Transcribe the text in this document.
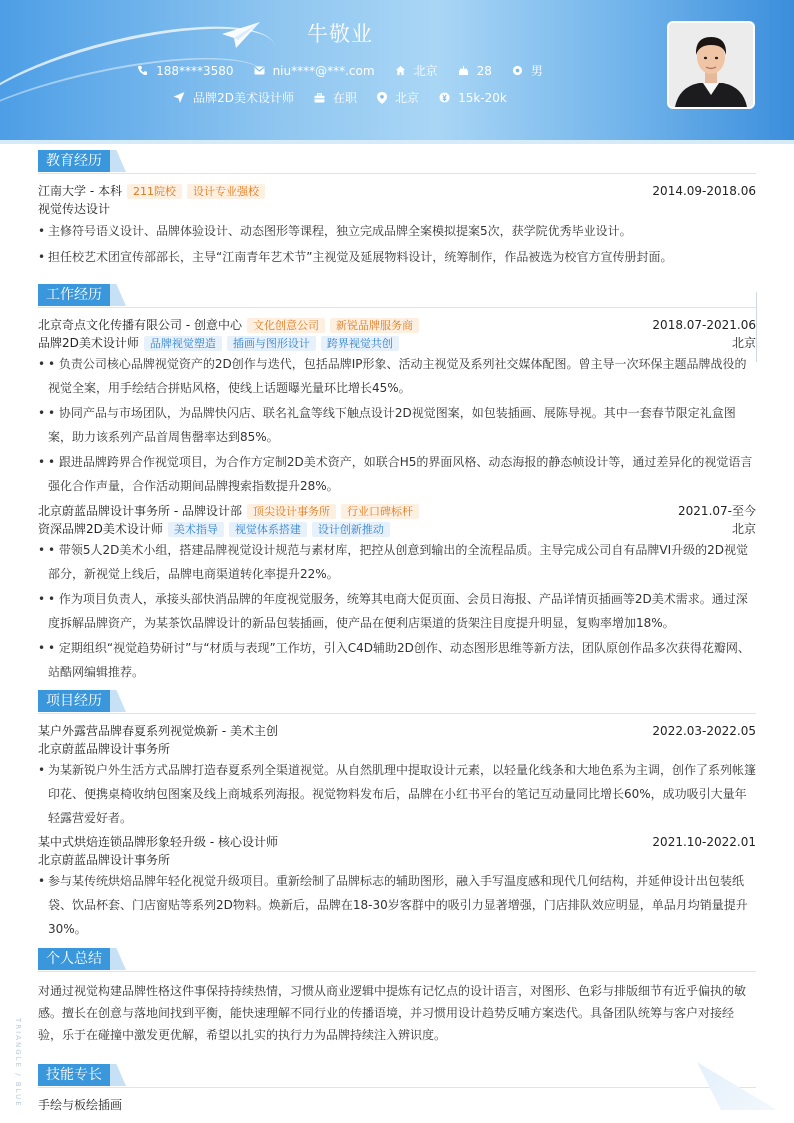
牛敬业
188****3580	niu****@***.com	北京	28	男
品牌2D美术设计师	在职	北京	15k-20k
教育经历
江南大学 - 本科	211院校	设计专业强校	2014.09-2018.06
视觉传达设计
• 主修符号语义设计、品牌体验设计、动态图形等课程，独立完成品牌全案模拟提案5次，获学院优秀毕业设计。
• 担任校艺术团宣传部部长，主导“江南青年艺术节”主视觉及延展物料设计，统筹制作，作品被选为校官方宣传册封面。
工作经历
北京奇点文化传播有限公司 - 创意中心	文化创意公司	新锐品牌服务商	2018.07-2021.06
品牌2D美术设计师	品牌视觉塑造	插画与图形设计	跨界视觉共创	北京
• • 负责公司核心品牌视觉资产的2D创作与迭代，包括品牌IP形象、活动主视觉及系列社交媒体配图。曾主导一次环保主题品牌战役的视觉全案，用手绘结合拼贴风格，使线上话题曝光量环比增长45%。
• • 协同产品与市场团队，为品牌快闪店、联名礼盒等线下触点设计2D视觉图案，如包装插画、展陈导视。其中一套春节限定礼盒图案，助力该系列产品首周售罄率达到85%。
• • 跟进品牌跨界合作视觉项目，为合作方定制2D美术资产，如联合H5的界面风格、动态海报的静态帧设计等，通过差异化的视觉语言强化合作声量，合作活动期间品牌搜索指数提升28%。
北京蔚蓝品牌设计事务所 - 品牌设计部	顶尖设计事务所	行业口碑标杆	2021.07-至今
资深品牌2D美术设计师	美术指导	视觉体系搭建	设计创新推动	北京
• • 带领5人2D美术小组，搭建品牌视觉设计规范与素材库，把控从创意到输出的全流程品质。主导完成公司自有品牌VI升级的2D视觉部分，新视觉上线后，品牌电商渠道转化率提升22%。
• • 作为项目负责人，承接头部快消品牌的年度视觉服务，统筹其电商大促页面、会员日海报、产品详情页插画等2D美术需求。通过深度拆解品牌资产，为某茶饮品牌设计的新品包装插画，使产品在便利店渠道的货架注目度提升明显，复购率增加18%。
• • 定期组织“视觉趋势研讨”与“材质与表现”工作坊，引入C4D辅助2D创作、动态图形思维等新方法，团队原创作品多次获得花瓣网、站酷网编辑推荐。
项目经历
某户外露营品牌春夏系列视觉焕新 - 美术主创	2022.03-2022.05
北京蔚蓝品牌设计事务所
• 为某新锐户外生活方式品牌打造春夏系列全渠道视觉。从自然肌理中提取设计元素，以轻量化线条和大地色系为主调，创作了系列帐篷印花、便携桌椅收纳包图案及线上商城系列海报。视觉物料发布后，品牌在小红书平台的笔记互动量同比增长60%，成功吸引大量年轻露营爱好者。
某中式烘焙连锁品牌形象轻升级 - 核心设计师	2021.10-2022.01
北京蔚蓝品牌设计事务所
• 参与某传统烘焙品牌年轻化视觉升级项目。重新绘制了品牌标志的辅助图形，融入手写温度感和现代几何结构，并延伸设计出包装纸袋、饮品杯套、门店窗贴等系列2D物料。焕新后，品牌在18-30岁客群中的吸引力显著增强，门店排队效应明显，单品月均销量提升30%。
个人总结
对通过视觉构建品牌性格这件事保持持续热情，习惯从商业逻辑中提炼有记忆点的设计语言，对图形、色彩与排版细节有近乎偏执的敏感。擅长在创意与落地间找到平衡，能快速理解不同行业的传播语境，并习惯用设计趋势反哺方案迭代。具备团队统筹与客户对接经验，乐于在碰撞中激发更优解，希望以扎实的执行力为品牌持续注入辨识度。
技能专长
手绘与板绘插画
TRIANGLE / BLUE
